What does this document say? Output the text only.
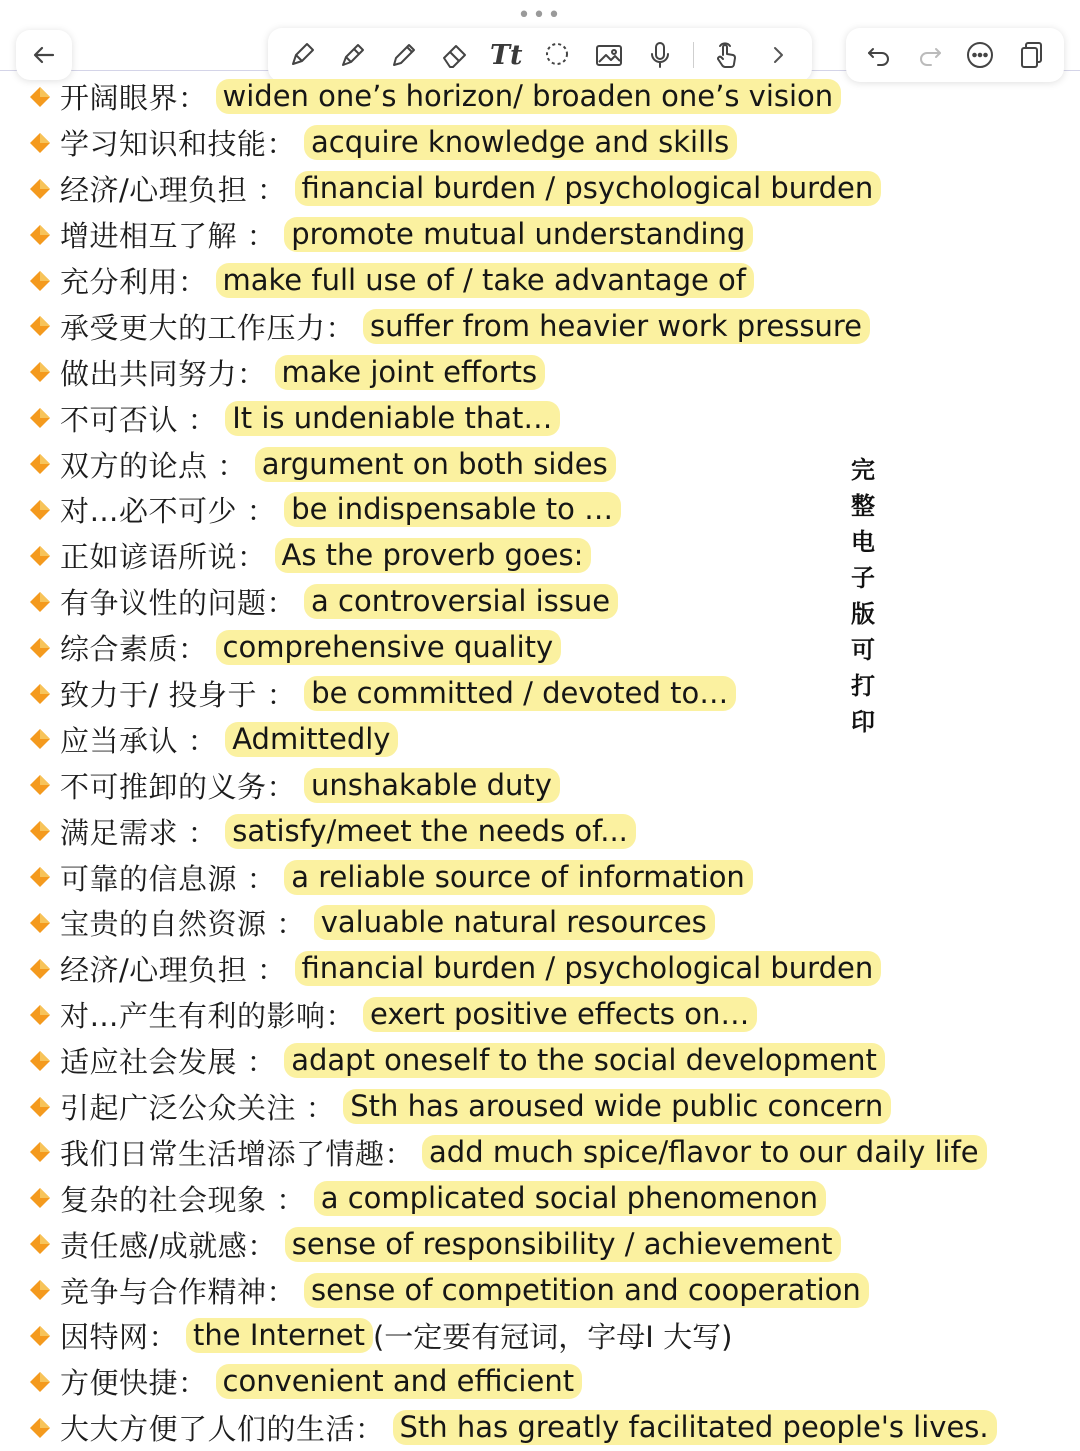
•••
Tt
开阔眼界： widen one’s horizon/ broaden one’s vision
学习知识和技能： acquire knowledge and skills
经济/心理负担 ： financial burden / psychological burden
增进相互了解 ： promote mutual understanding
充分利用： make full use of / take advantage of
承受更大的工作压力： suffer from heavier work pressure
做出共同努力： make joint efforts
不可否认 ： It is undeniable that…
双方的论点 ： argument on both sides
对…必不可少 ： be indispensable to …
正如谚语所说： As the proverb goes:
有争议性的问题： a controversial issue
综合素质： comprehensive quality
致力于/ 投身于 ： be committed / devoted to…
应当承认 ： Admittedly
不可推卸的义务： unshakable duty
满足需求 ： satisfy/meet the needs of...
可靠的信息源 ： a reliable source of information
宝贵的自然资源 ： valuable natural resources
经济/心理负担 ： financial burden / psychological burden
对…产生有利的影响： exert positive effects on…
适应社会发展 ： adapt oneself to the social development
引起广泛公众关注 ： Sth has aroused wide public concern
我们日常生活增添了情趣： add much spice/flavor to our daily life
复杂的社会现象 ： a complicated social phenomenon
责任感/成就感： sense of responsibility / achievement
竞争与合作精神： sense of competition and cooperation
因特网： the Internet (一定要有冠词，字母I 大写)
方便快捷： convenient and efficient
大大方便了人们的生活： Sth has greatly facilitated people's lives.
完
整
电
子
版
可
打
印
